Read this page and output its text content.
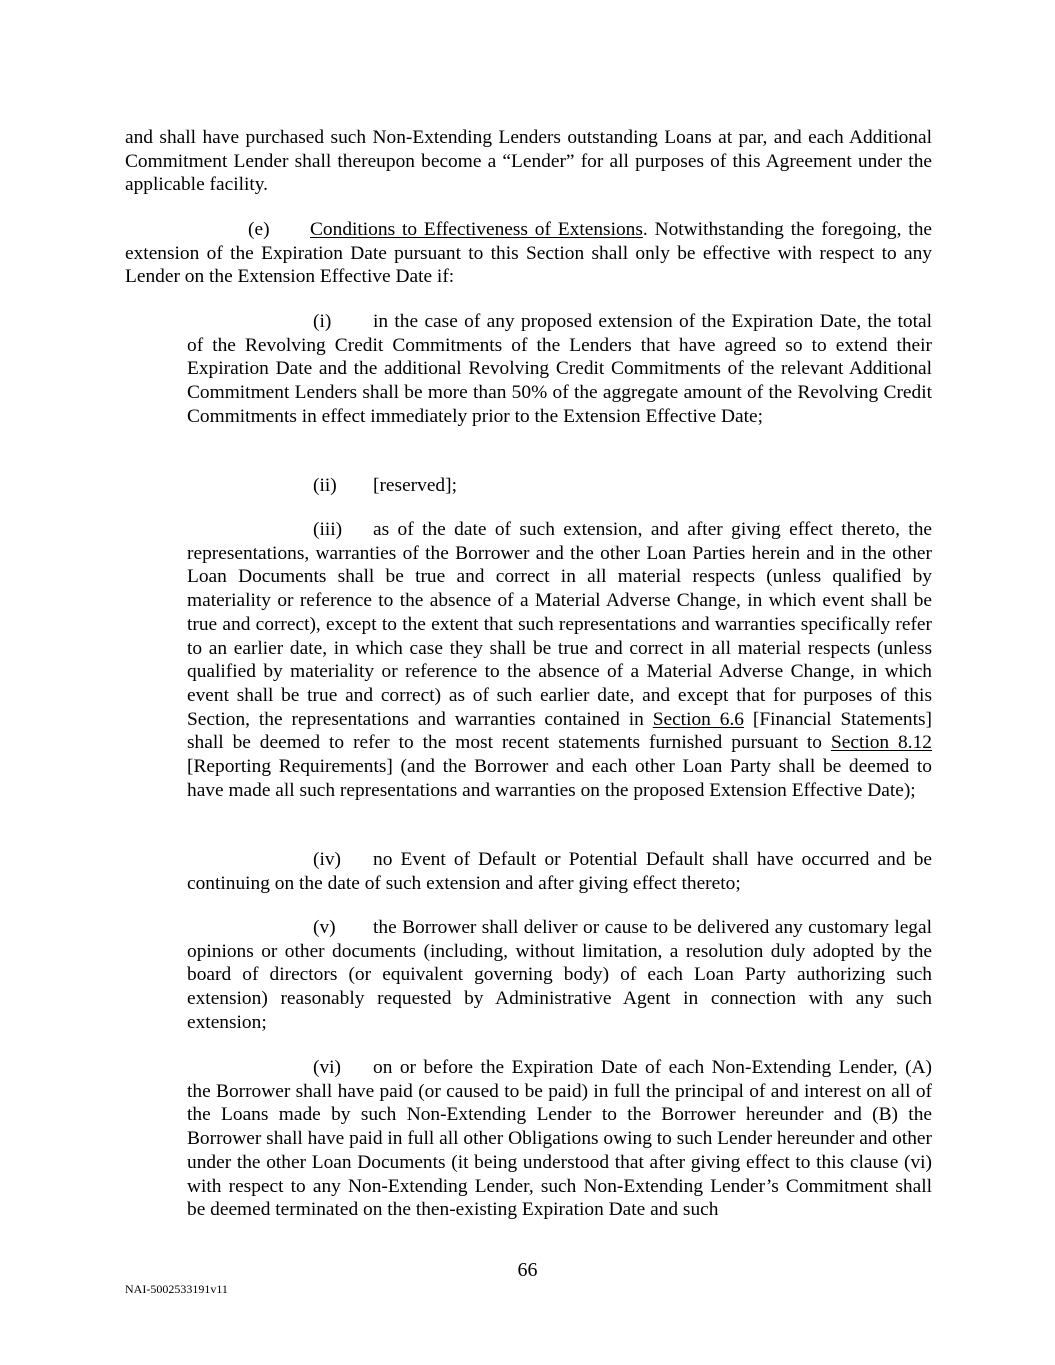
and shall have purchased such Non-Extending Lenders outstanding Loans at par, and each Additional Commitment Lender shall thereupon become a “Lender” for all purposes of this Agreement under the applicable facility.

(e) Conditions to Effectiveness of Extensions. Notwithstanding the foregoing, the extension of the Expiration Date pursuant to this Section shall only be effective with respect to any Lender on the Extension Effective Date if:

(i) in the case of any proposed extension of the Expiration Date, the total of the Revolving Credit Commitments of the Lenders that have agreed so to extend their Expiration Date and the additional Revolving Credit Commitments of the relevant Additional Commitment Lenders shall be more than 50% of the aggregate amount of the Revolving Credit Commitments in effect immediately prior to the Extension Effective Date;

(ii) [reserved];

(iii) as of the date of such extension, and after giving effect thereto, the representations, warranties of the Borrower and the other Loan Parties herein and in the other Loan Documents shall be true and correct in all material respects (unless qualified by materiality or reference to the absence of a Material Adverse Change, in which event shall be true and correct), except to the extent that such representations and warranties specifically refer to an earlier date, in which case they shall be true and correct in all material respects (unless qualified by materiality or reference to the absence of a Material Adverse Change, in which event shall be true and correct) as of such earlier date, and except that for purposes of this Section, the representations and warranties contained in Section 6.6 [Financial Statements] shall be deemed to refer to the most recent statements furnished pursuant to Section 8.12 [Reporting Requirements] (and the Borrower and each other Loan Party shall be deemed to have made all such representations and warranties on the proposed Extension Effective Date);

(iv) no Event of Default or Potential Default shall have occurred and be continuing on the date of such extension and after giving effect thereto;

(v) the Borrower shall deliver or cause to be delivered any customary legal opinions or other documents (including, without limitation, a resolution duly adopted by the board of directors (or equivalent governing body) of each Loan Party authorizing such extension) reasonably requested by Administrative Agent in connection with any such extension;

(vi) on or before the Expiration Date of each Non-Extending Lender, (A) the Borrower shall have paid (or caused to be paid) in full the principal of and interest on all of the Loans made by such Non-Extending Lender to the Borrower hereunder and (B) the Borrower shall have paid in full all other Obligations owing to such Lender hereunder and other under the other Loan Documents (it being understood that after giving effect to this clause (vi) with respect to any Non-Extending Lender, such Non-Extending Lender’s Commitment shall be deemed terminated on the then-existing Expiration Date and such

66
NAI-5002533191v11
